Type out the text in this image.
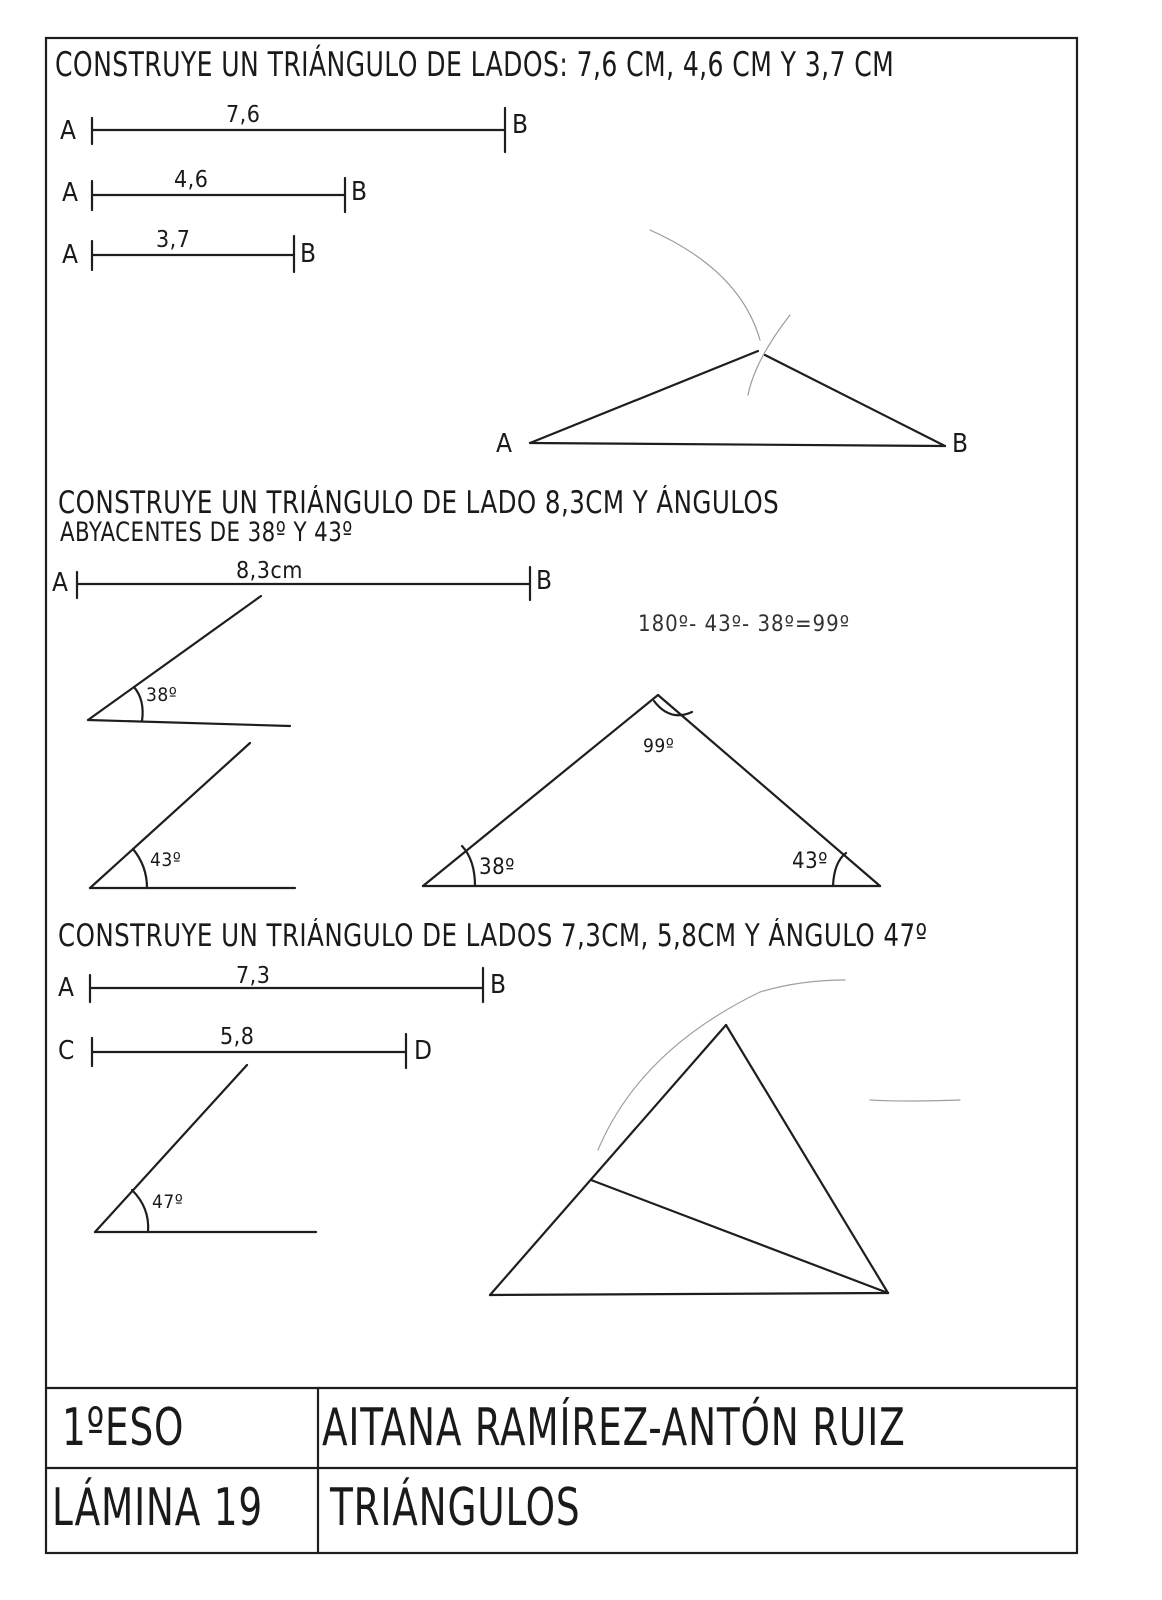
CONSTRUYE UN TRIÁNGULO DE LADOS: 7,6 CM, 4,6 CM Y 3,7 CM
A
7,6	B
A	4,6	B
A	3,7	B
A	B
CONSTRUYE UN TRIÁNGULO DE LADO 8,3CM Y ÁNGULOS
ABYACENTES DE 38º Y 43º
A	8,3cm	B
180º- 43º- 38º=99º
38º
43º
99º
38º	43º
CONSTRUYE UN TRIÁNGULO DE LADOS 7,3CM, 5,8CM Y ÁNGULO 47º
A	7,3	B
C	5,8	D
47º
1ºESO	AITANA RAMÍREZ-ANTÓN RUIZ
LÁMINA 19 TRIÁNGULOS
